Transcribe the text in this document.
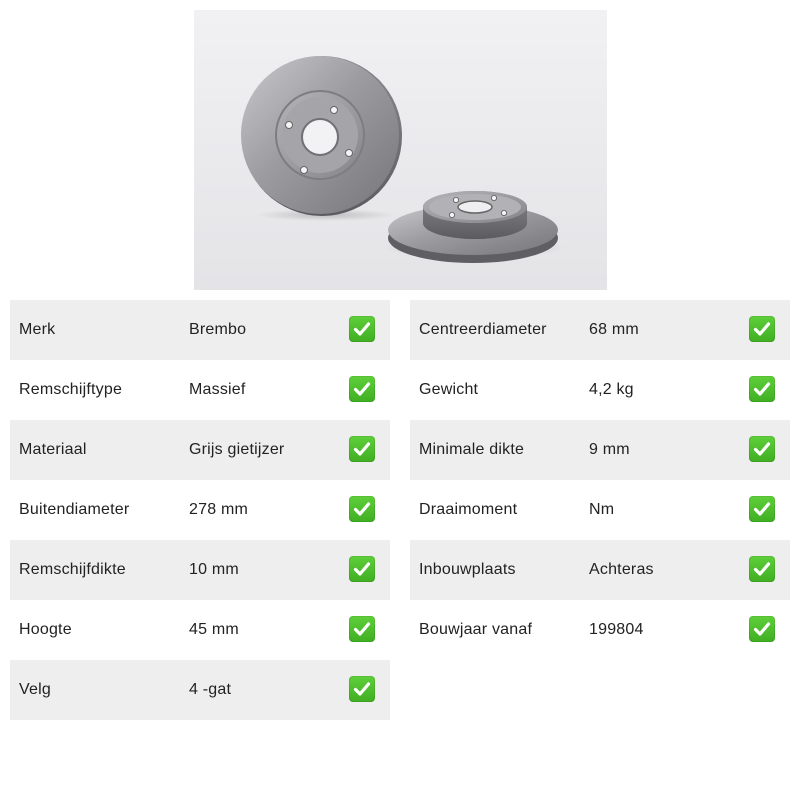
Merk	Brembo
Remschijftype	Massief
Materiaal	Grijs gietijzer
Buitendiameter	278 mm
Remschijfdikte	10 mm
Hoogte	45 mm
Velg	4 -gat
Centreerdiameter	68 mm
Gewicht	4,2 kg
Minimale dikte	9 mm
Draaimoment	Nm
Inbouwplaats	Achteras
Bouwjaar vanaf	199804
